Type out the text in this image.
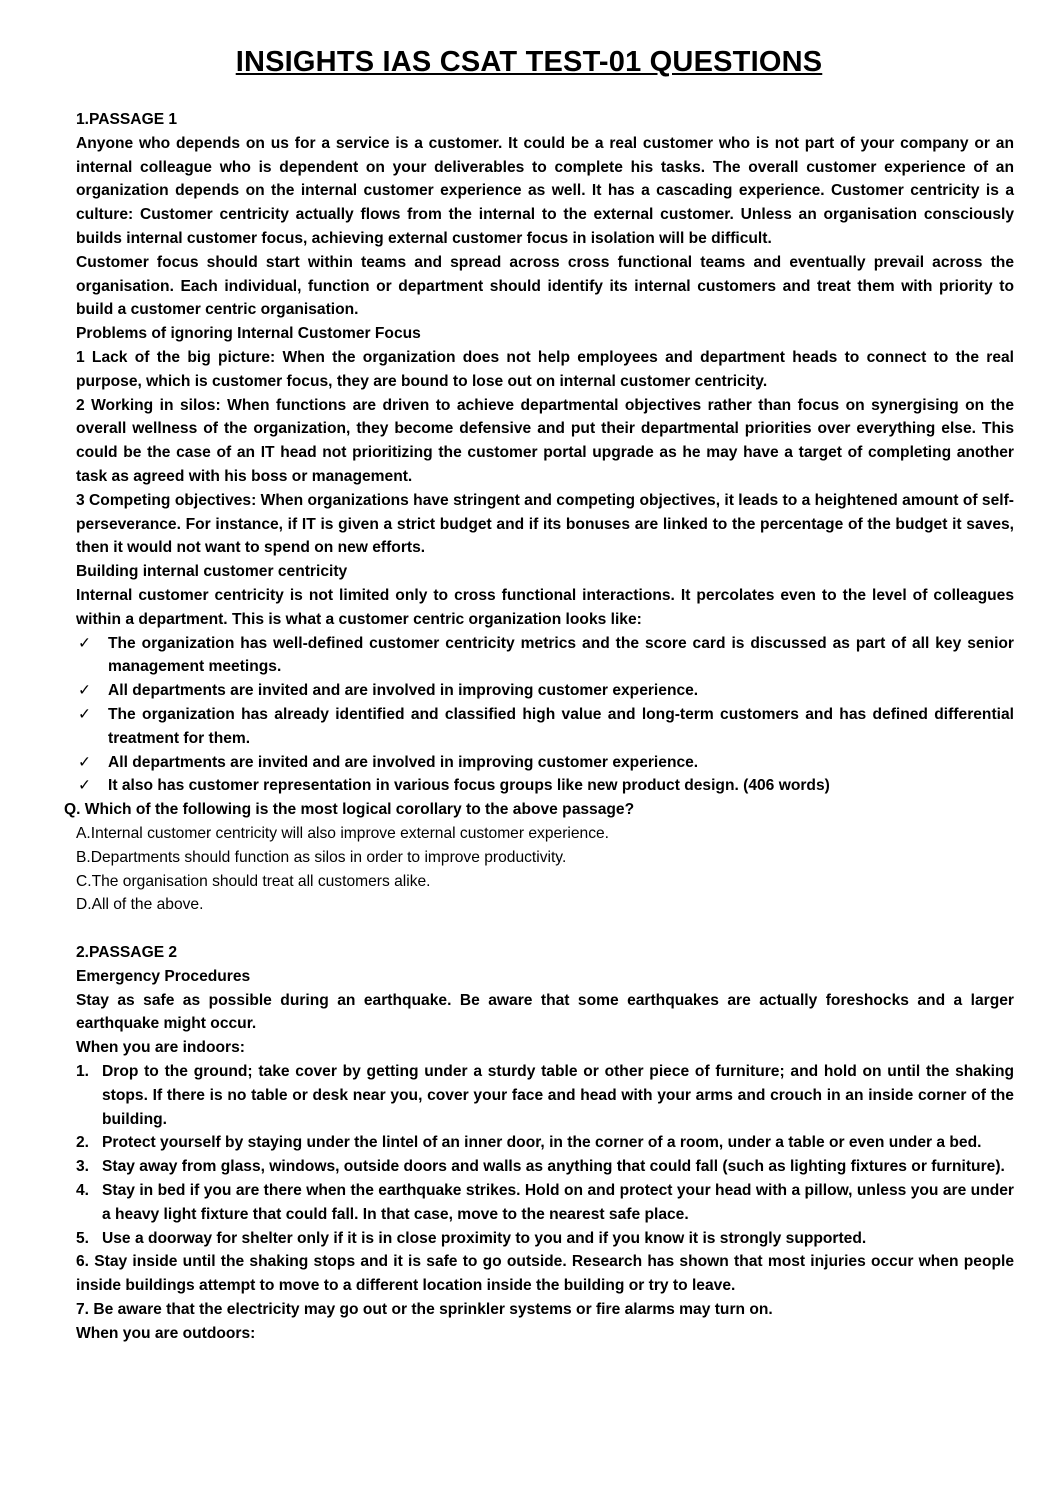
INSIGHTS IAS CSAT TEST-01 QUESTIONS

1.PASSAGE 1

Anyone who depends on us for a service is a customer. It could be a real customer who is not part of your company or an internal colleague who is dependent on your deliverables to complete his tasks. The overall customer experience of an organization depends on the internal customer experience as well. It has a cascading experience. Customer centricity is a culture: Customer centricity actually flows from the internal to the external customer. Unless an organisation consciously builds internal customer focus, achieving external customer focus in isolation will be difficult.

Customer focus should start within teams and spread across cross functional teams and eventually prevail across the organisation. Each individual, function or department should identify its internal customers and treat them with priority to build a customer centric organisation.

Problems of ignoring Internal Customer Focus

1 Lack of the big picture: When the organization does not help employees and department heads to connect to the real purpose, which is customer focus, they are bound to lose out on internal customer centricity.

2 Working in silos: When functions are driven to achieve departmental objectives rather than focus on synergising on the overall wellness of the organization, they become defensive and put their departmental priorities over everything else. This could be the case of an IT head not prioritizing the customer portal upgrade as he may have a target of completing another task as agreed with his boss or management.

3 Competing objectives: When organizations have stringent and competing objectives, it leads to a heightened amount of self-perseverance. For instance, if IT is given a strict budget and if its bonuses are linked to the percentage of the budget it saves, then it would not want to spend on new efforts.

Building internal customer centricity

Internal customer centricity is not limited only to cross functional interactions. It percolates even to the level of colleagues within a department. This is what a customer centric organization looks like:

✓ The organization has well-defined customer centricity metrics and the score card is discussed as part of all key senior management meetings.
✓ All departments are invited and are involved in improving customer experience.
✓ The organization has already identified and classified high value and long-term customers and has defined differential treatment for them.
✓ All departments are invited and are involved in improving customer experience.
✓ It also has customer representation in various focus groups like new product design. (406 words)

Q. Which of the following is the most logical corollary to the above passage?

A.Internal customer centricity will also improve external customer experience.

B.Departments should function as silos in order to improve productivity.

C.The organisation should treat all customers alike.

D.All of the above.

2.PASSAGE 2

Emergency Procedures

Stay as safe as possible during an earthquake. Be aware that some earthquakes are actually foreshocks and a larger earthquake might occur.

When you are indoors:

1. Drop to the ground; take cover by getting under a sturdy table or other piece of furniture; and hold on until the shaking stops. If there is no table or desk near you, cover your face and head with your arms and crouch in an inside corner of the building.
2. Protect yourself by staying under the lintel of an inner door, in the corner of a room, under a table or even under a bed.
3. Stay away from glass, windows, outside doors and walls as anything that could fall (such as lighting fixtures or furniture).
4. Stay in bed if you are there when the earthquake strikes. Hold on and protect your head with a pillow, unless you are under a heavy light fixture that could fall. In that case, move to the nearest safe place.
5. Use a doorway for shelter only if it is in close proximity to you and if you know it is strongly supported.

6. Stay inside until the shaking stops and it is safe to go outside. Research has shown that most injuries occur when people inside buildings attempt to move to a different location inside the building or try to leave.

7. Be aware that the electricity may go out or the sprinkler systems or fire alarms may turn on.

When you are outdoors:
